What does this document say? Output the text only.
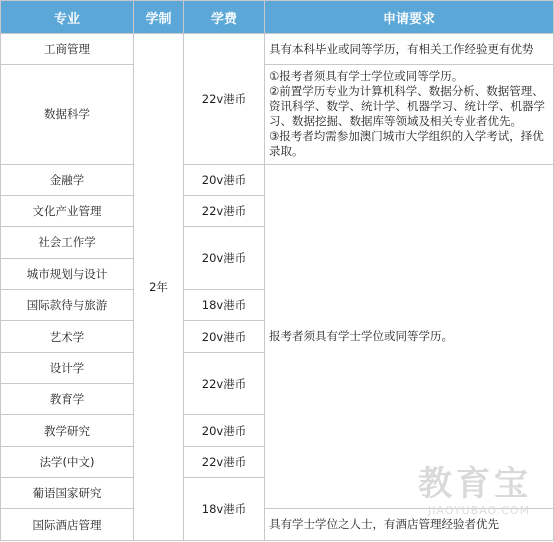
专业	学制	学费	申请要求
工商管理	2年	22v港币	具有本科毕业或同等学历，有相关工作经验更有优势
数据科学			①报考者须具有学士学位或同等学历。

②前置学历专业为计算机科学、数据分析、数据管理、资讯科学、数学、统计学、机器学习、统计学、机器学习、数据挖掘、数据库等领域及相关专业者优先。

③报考者均需参加澳门城市大学组织的入学考试，择优录取。

金融学		20v港币	报考者须具有学士学位或同等学历。
文化产业管理		22v港币	
社会工作学		20v港币	
城市规划与设计			
国际款待与旅游		18v港币	
艺术学		20v港币	
设计学		22v港币	
教育学			
教学研究		20v港币	
法学(中文)		22v港币	
葡语国家研究		18v港币	
国际酒店管理			具有学士学位之人士，有酒店管理经验者优先
教育宝
JIAOYUBAO.COM
